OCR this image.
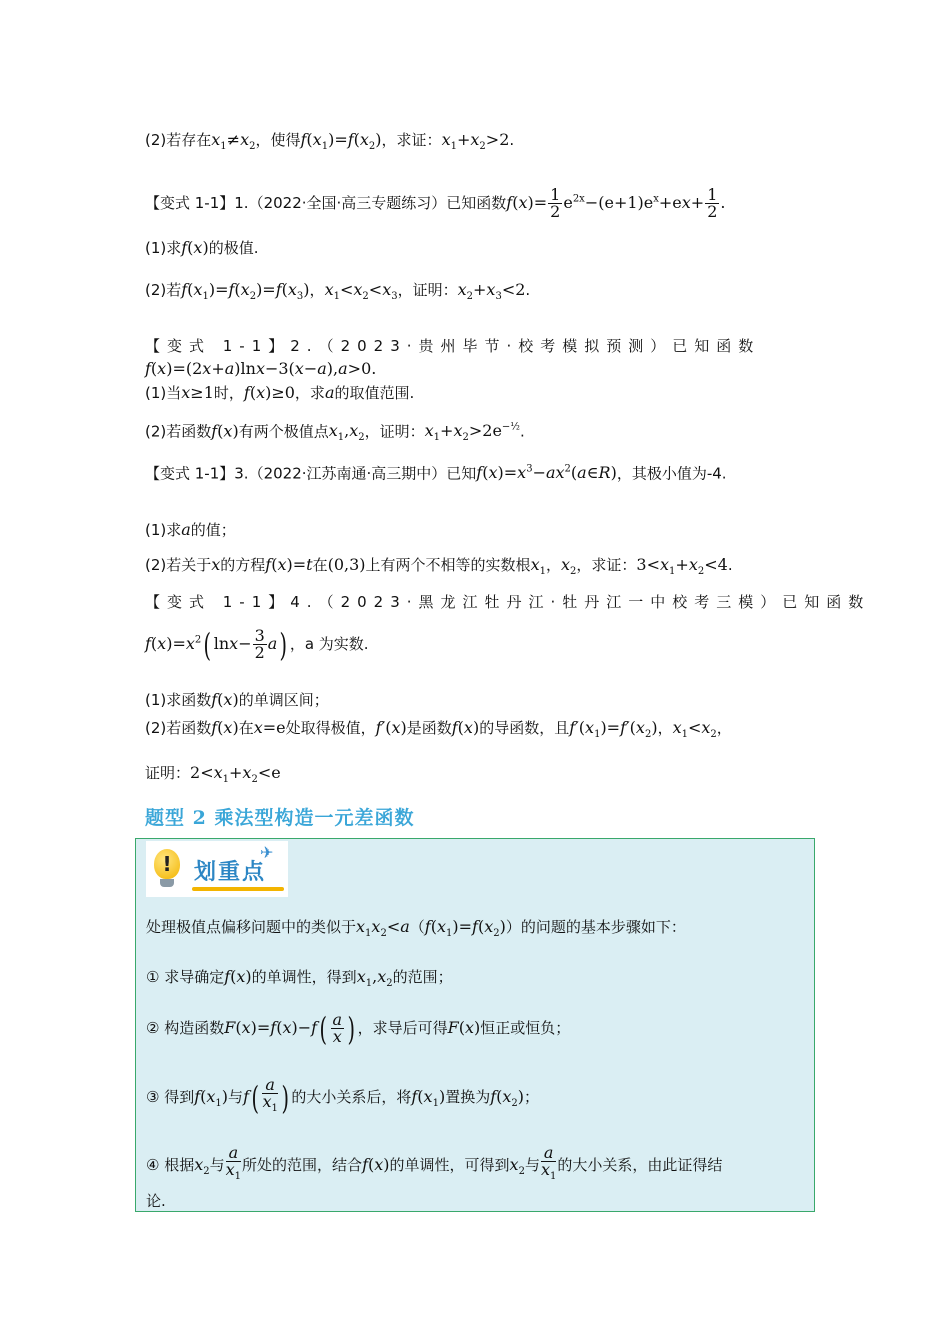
(2)若存在$x_1\ne x_2$，使得$f(x_1)=f(x_2)$，求证：$x_1+x_2>2$.
【变式 1-1】1.（2022·全国·高三专题练习）已知函数$f(x)= \frac{1}{2} e^{2x}-(e+1)e^x+ex+ \frac{1}{2}$ .
(1)求f(x)的极值.
(2)若$f(x_1)=f(x_2)=f(x_3)$，$x_1<x_2<x_3$，证明：$x_2+x_3<2$.
【变式 1-1】2.（2023·贵州毕节·校考模拟预测）已知函数
f(x)=(2x+a)lnx−3(x−a),a>0.
(1)当x≥1时，f(x)≥0，求a的取值范围.
(2)若函数f(x)有两个极值点$x_1,x_2$，证明：$x_1+x_2>2e^{-\frac{1}{2}}$.
【变式 1-1】3.（2022·江苏南通·高三期中）已知$f(x)=x^3-ax^2(a\in R)$，其极小值为-4.
(1)求a的值；
(2)若关于x的方程f(x)=t在(0,3)上有两个不相等的实数根$x_1$，$x_2$，求证：$3<x_1+x_2<4$.
【变式 1-1】4.（2023·黑龙江牡丹江·牡丹江一中校考三模）已知函数
$f(x)=x^2$( $\ln x- \frac{3}{2} a$) ，a 为实数.
(1)求函数f(x)的单调区间；
(2)若函数f(x)在x=e处取得极值，f′(x)是函数f(x)的导函数，且$f'(x_1)=f'(x_2)$，$x_1<x_2$，
证明：$2<x_1+x_2<e$
题型 2 乘法型构造一元差函数
!	划重点
✈
处理极值点偏移问题中的类似于$x_1x_2<a(f(x_1)=f(x_2))$的问题的基本步骤如下：
① 求导确定f(x)的单调性，得到$x_1,x_2$的范围；
② 构造函数$F(x)=f(x)-f( \frac{a}{x}$ ) ，求导后可得F(x)恒正或恒负；
③ 得到$f(x_1)$与$f( \frac{a}{x_1}$ ) 的大小关系后，将$f(x_1)$置换为$f(x_2)$；
④ 根据$x_2$与 $\frac{a}{x_1}$ 所处的范围，结合f(x)的单调性，可得到$x_2$与 $\frac{a}{x_1}$ 的大小关系，由此证得结
论.
